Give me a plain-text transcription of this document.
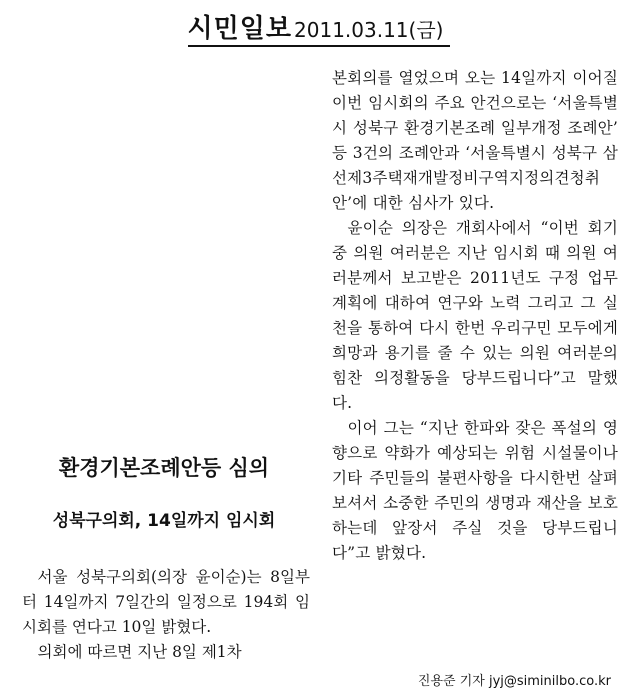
시민일보 2011.03.11(금)

본회의를 열었으며 오는 14일까지 이어질 이번 임시회의 주요 안건으로는 ‘서울특별시 성북구 환경기본조례 일부개정 조례안’ 등 3건의 조례안과 ‘서울특별시 성북구 삼선제3주택재개발정비구역지정의견청취안’에 대한 심사가 있다.

윤이순 의장은 개회사에서 “이번 회기중 의원 여러분은 지난 임시회 때 의원 여러분께서 보고받은 2011년도 구정 업무계획에 대하여 연구와 노력 그리고 그 실천을 통하여 다시 한번 우리구민 모두에게 희망과 용기를 줄 수 있는 의원 여러분의 힘찬 의정활동을 당부드립니다”고 말했다.

이어 그는 “지난 한파와 잦은 폭설의 영향으로 약화가 예상되는 위험 시설물이나 기타 주민들의 불편사항을 다시한번 살펴보셔서 소중한 주민의 생명과 재산을 보호하는데 앞장서 주실 것을 당부드립니다”고 밝혔다.

환경기본조례안등 심의
성북구의회, 14일까지 임시회

서울 성북구의회(의장 윤이순)는 8일부터 14일까지 7일간의 일정으로 194회 임시회를 연다고 10일 밝혔다.

의회에 따르면 지난 8일 제1차

진용준 기자 jyj@siminilbo.co.kr
